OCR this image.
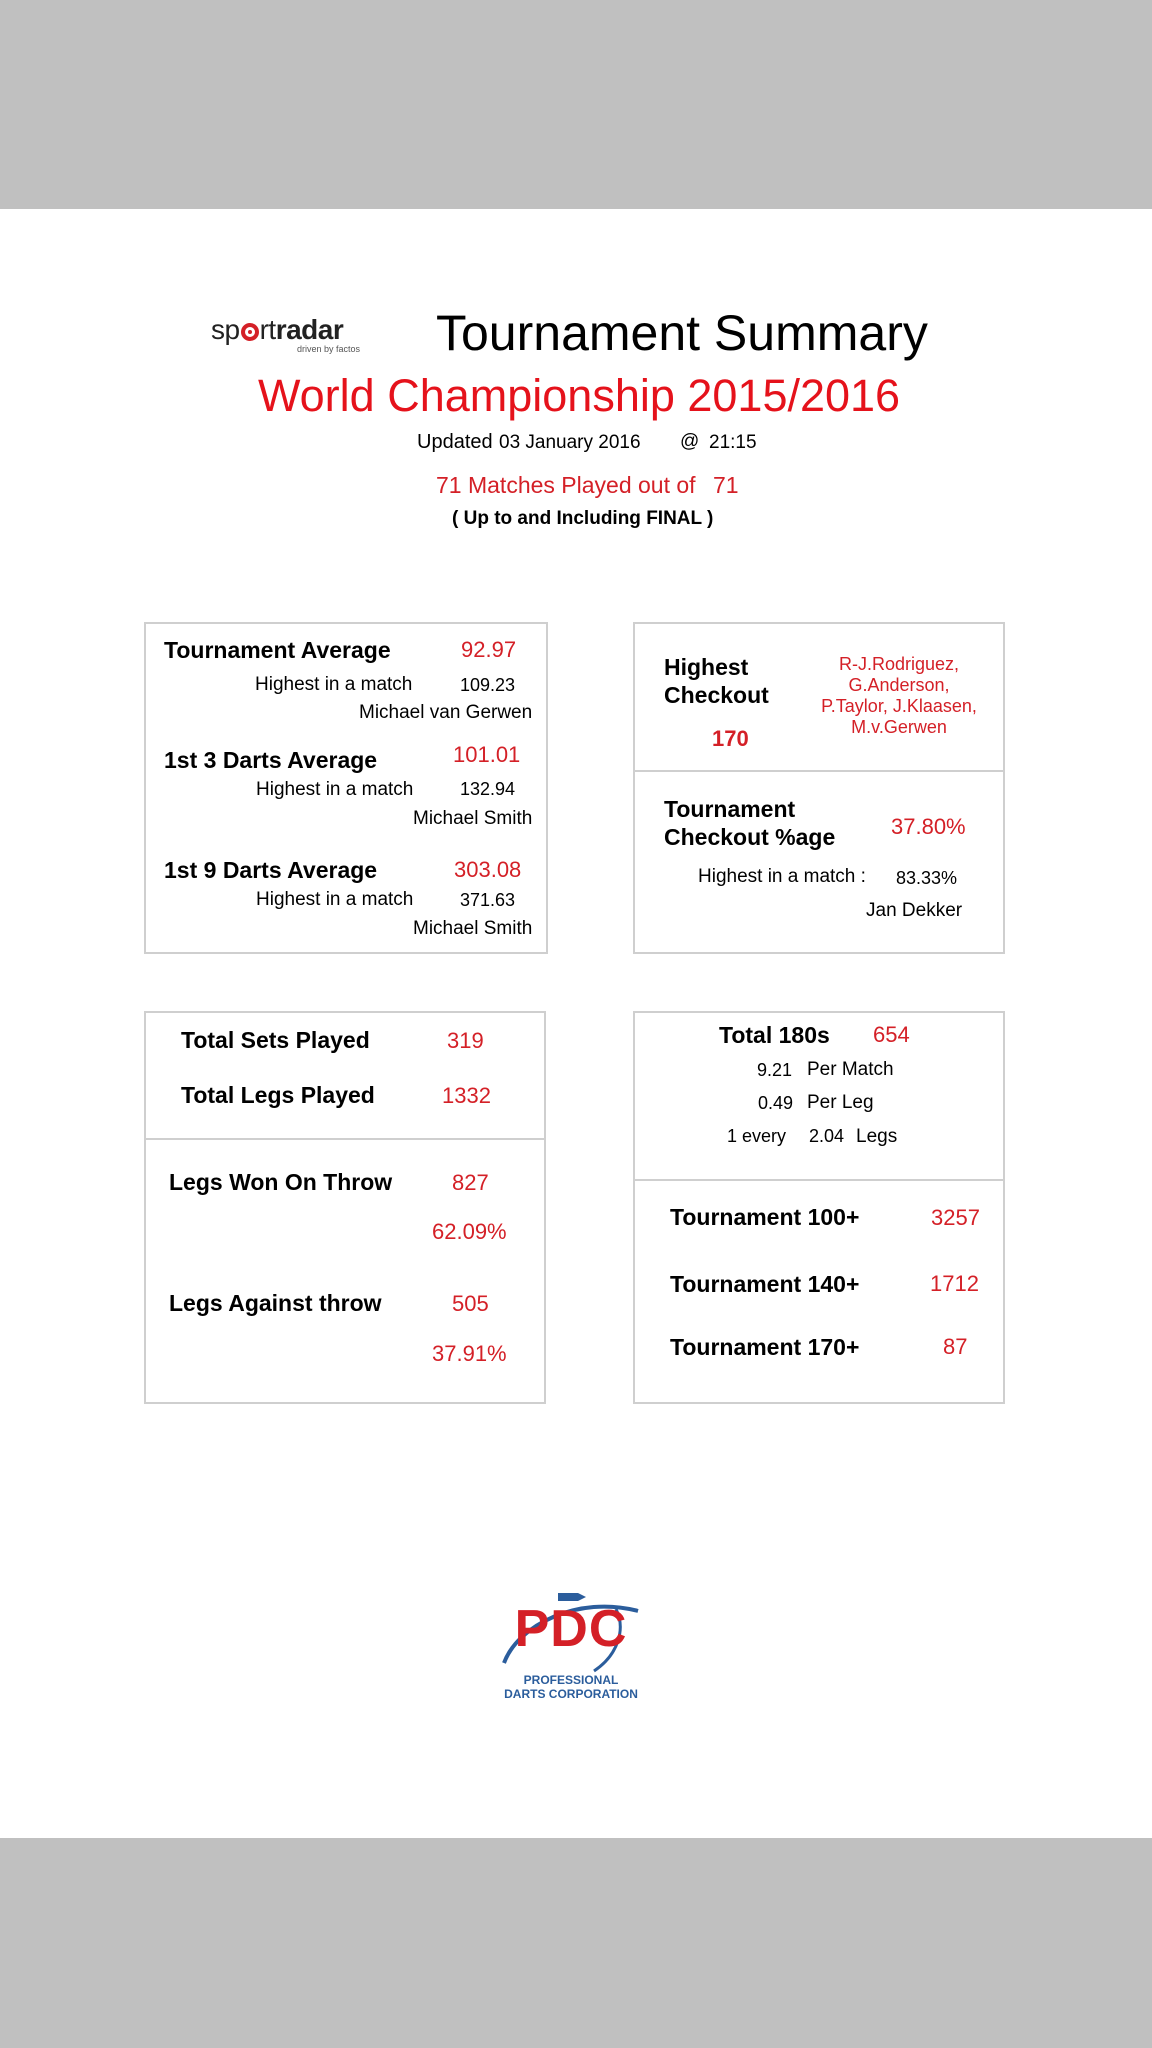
sp rtradar
driven by factos Tournament Summary
World Championship 2015/2016
Updated 03 January 2016 @ 21:15
71 Matches Played out of 71
( Up to and Including FINAL )
Tournament Average	92.97
Highest in a match	109.23
Michael van Gerwen
1st 3 Darts Average	101.01
Highest in a match	132.94
Michael Smith
1st 9 Darts Average	303.08
Highest in a match	371.63
Michael Smith
Highest
Checkout
170
R-J.Rodriguez,
G.Anderson,
P.Taylor, J.Klaasen,
M.v.Gerwen
Tournament
Checkout %age	37.80%
Highest in a match : 83.33%
Jan Dekker
Total Sets Played	319
Total Legs Played	1332
Legs Won On Throw	827
62.09%
Legs Against throw	505
37.91%
Total 180s 654
9.21 Per Match
0.49 Per Leg
1 every 2.04 Legs
Tournament 100+	3257
Tournament 140+	1712
Tournament 170+	87
PDC
PROFESSIONAL
DARTS CORPORATION
